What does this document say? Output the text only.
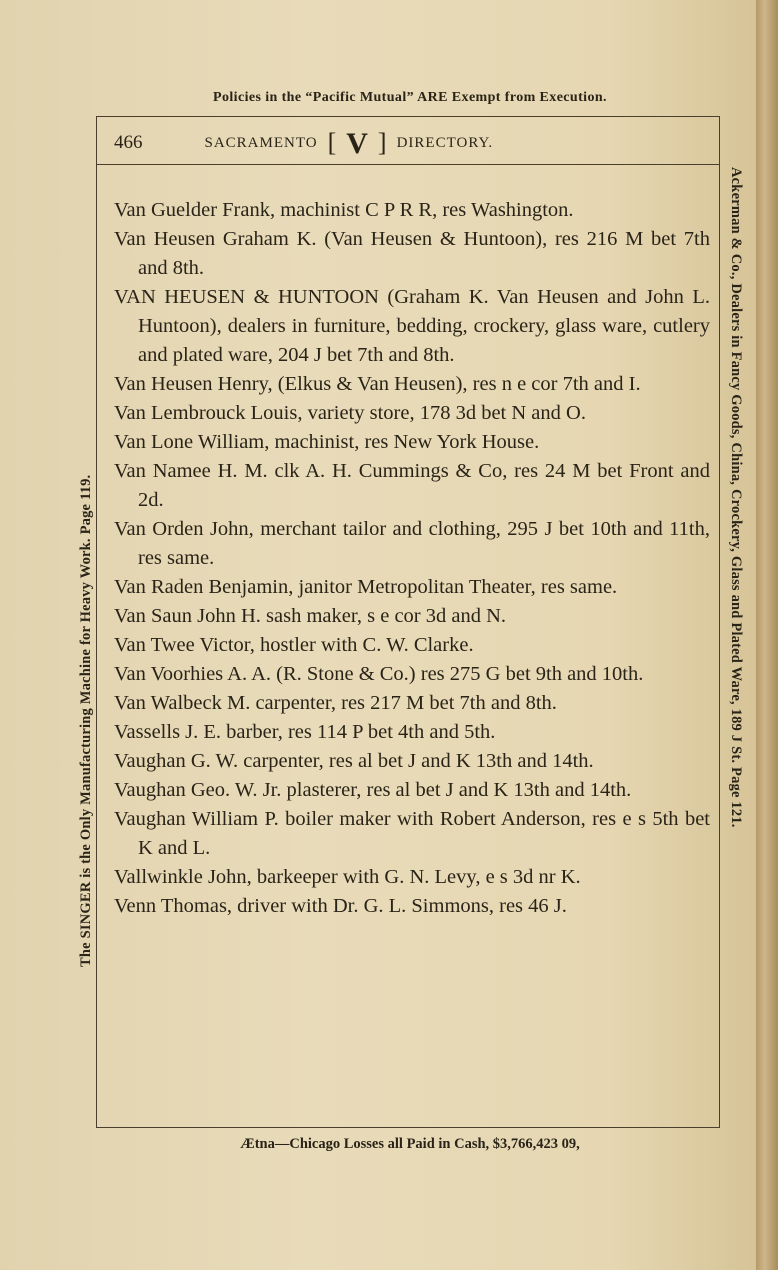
Policies in the “Pacific Mutual” ARE Exempt from Execution.
466	SACRAMENTO [ V ] DIRECTORY.
Van Guelder Frank, machinist C P R R, res Washington.
Van Heusen Graham K. (Van Heusen & Huntoon), res 216 M bet 7th and 8th.
VAN HEUSEN & HUNTOON (Graham K. Van Heusen and John L. Huntoon), dealers in furniture, bedding, crockery, glass ware, cutlery and plated ware, 204 J bet 7th and 8th.
Van Heusen Henry, (Elkus & Van Heusen), res n e cor 7th and I.
Van Lembrouck Louis, variety store, 178 3d bet N and O.
Van Lone William, machinist, res New York House.
Van Namee H. M. clk A. H. Cummings & Co, res 24 M bet Front and 2d.
Van Orden John, merchant tailor and clothing, 295 J bet 10th and 11th, res same.
Van Raden Benjamin, janitor Metropolitan Theater, res same.
Van Saun John H. sash maker, s e cor 3d and N.
Van Twee Victor, hostler with C. W. Clarke.
Van Voorhies A. A. (R. Stone & Co.) res 275 G bet 9th and 10th.
Van Walbeck M. carpenter, res 217 M bet 7th and 8th.
Vassells J. E. barber, res 114 P bet 4th and 5th.
Vaughan G. W. carpenter, res al bet J and K 13th and 14th.
Vaughan Geo. W. Jr. plasterer, res al bet J and K 13th and 14th.
Vaughan William P. boiler maker with Robert Anderson, res e s 5th bet K and L.
Vallwinkle John, barkeeper with G. N. Levy, e s 3d nr K.
Venn Thomas, driver with Dr. G. L. Simmons, res 46 J.
The SINGER is the Only Manufacturing Machine for Heavy Work. Page 119.	Ackerman & Co., Dealers in Fancy Goods, China, Crockery, Glass and Plated Ware, 189 J St. Page 121.
Ætna—Chicago Losses all Paid in Cash, $3,766,423 09,
